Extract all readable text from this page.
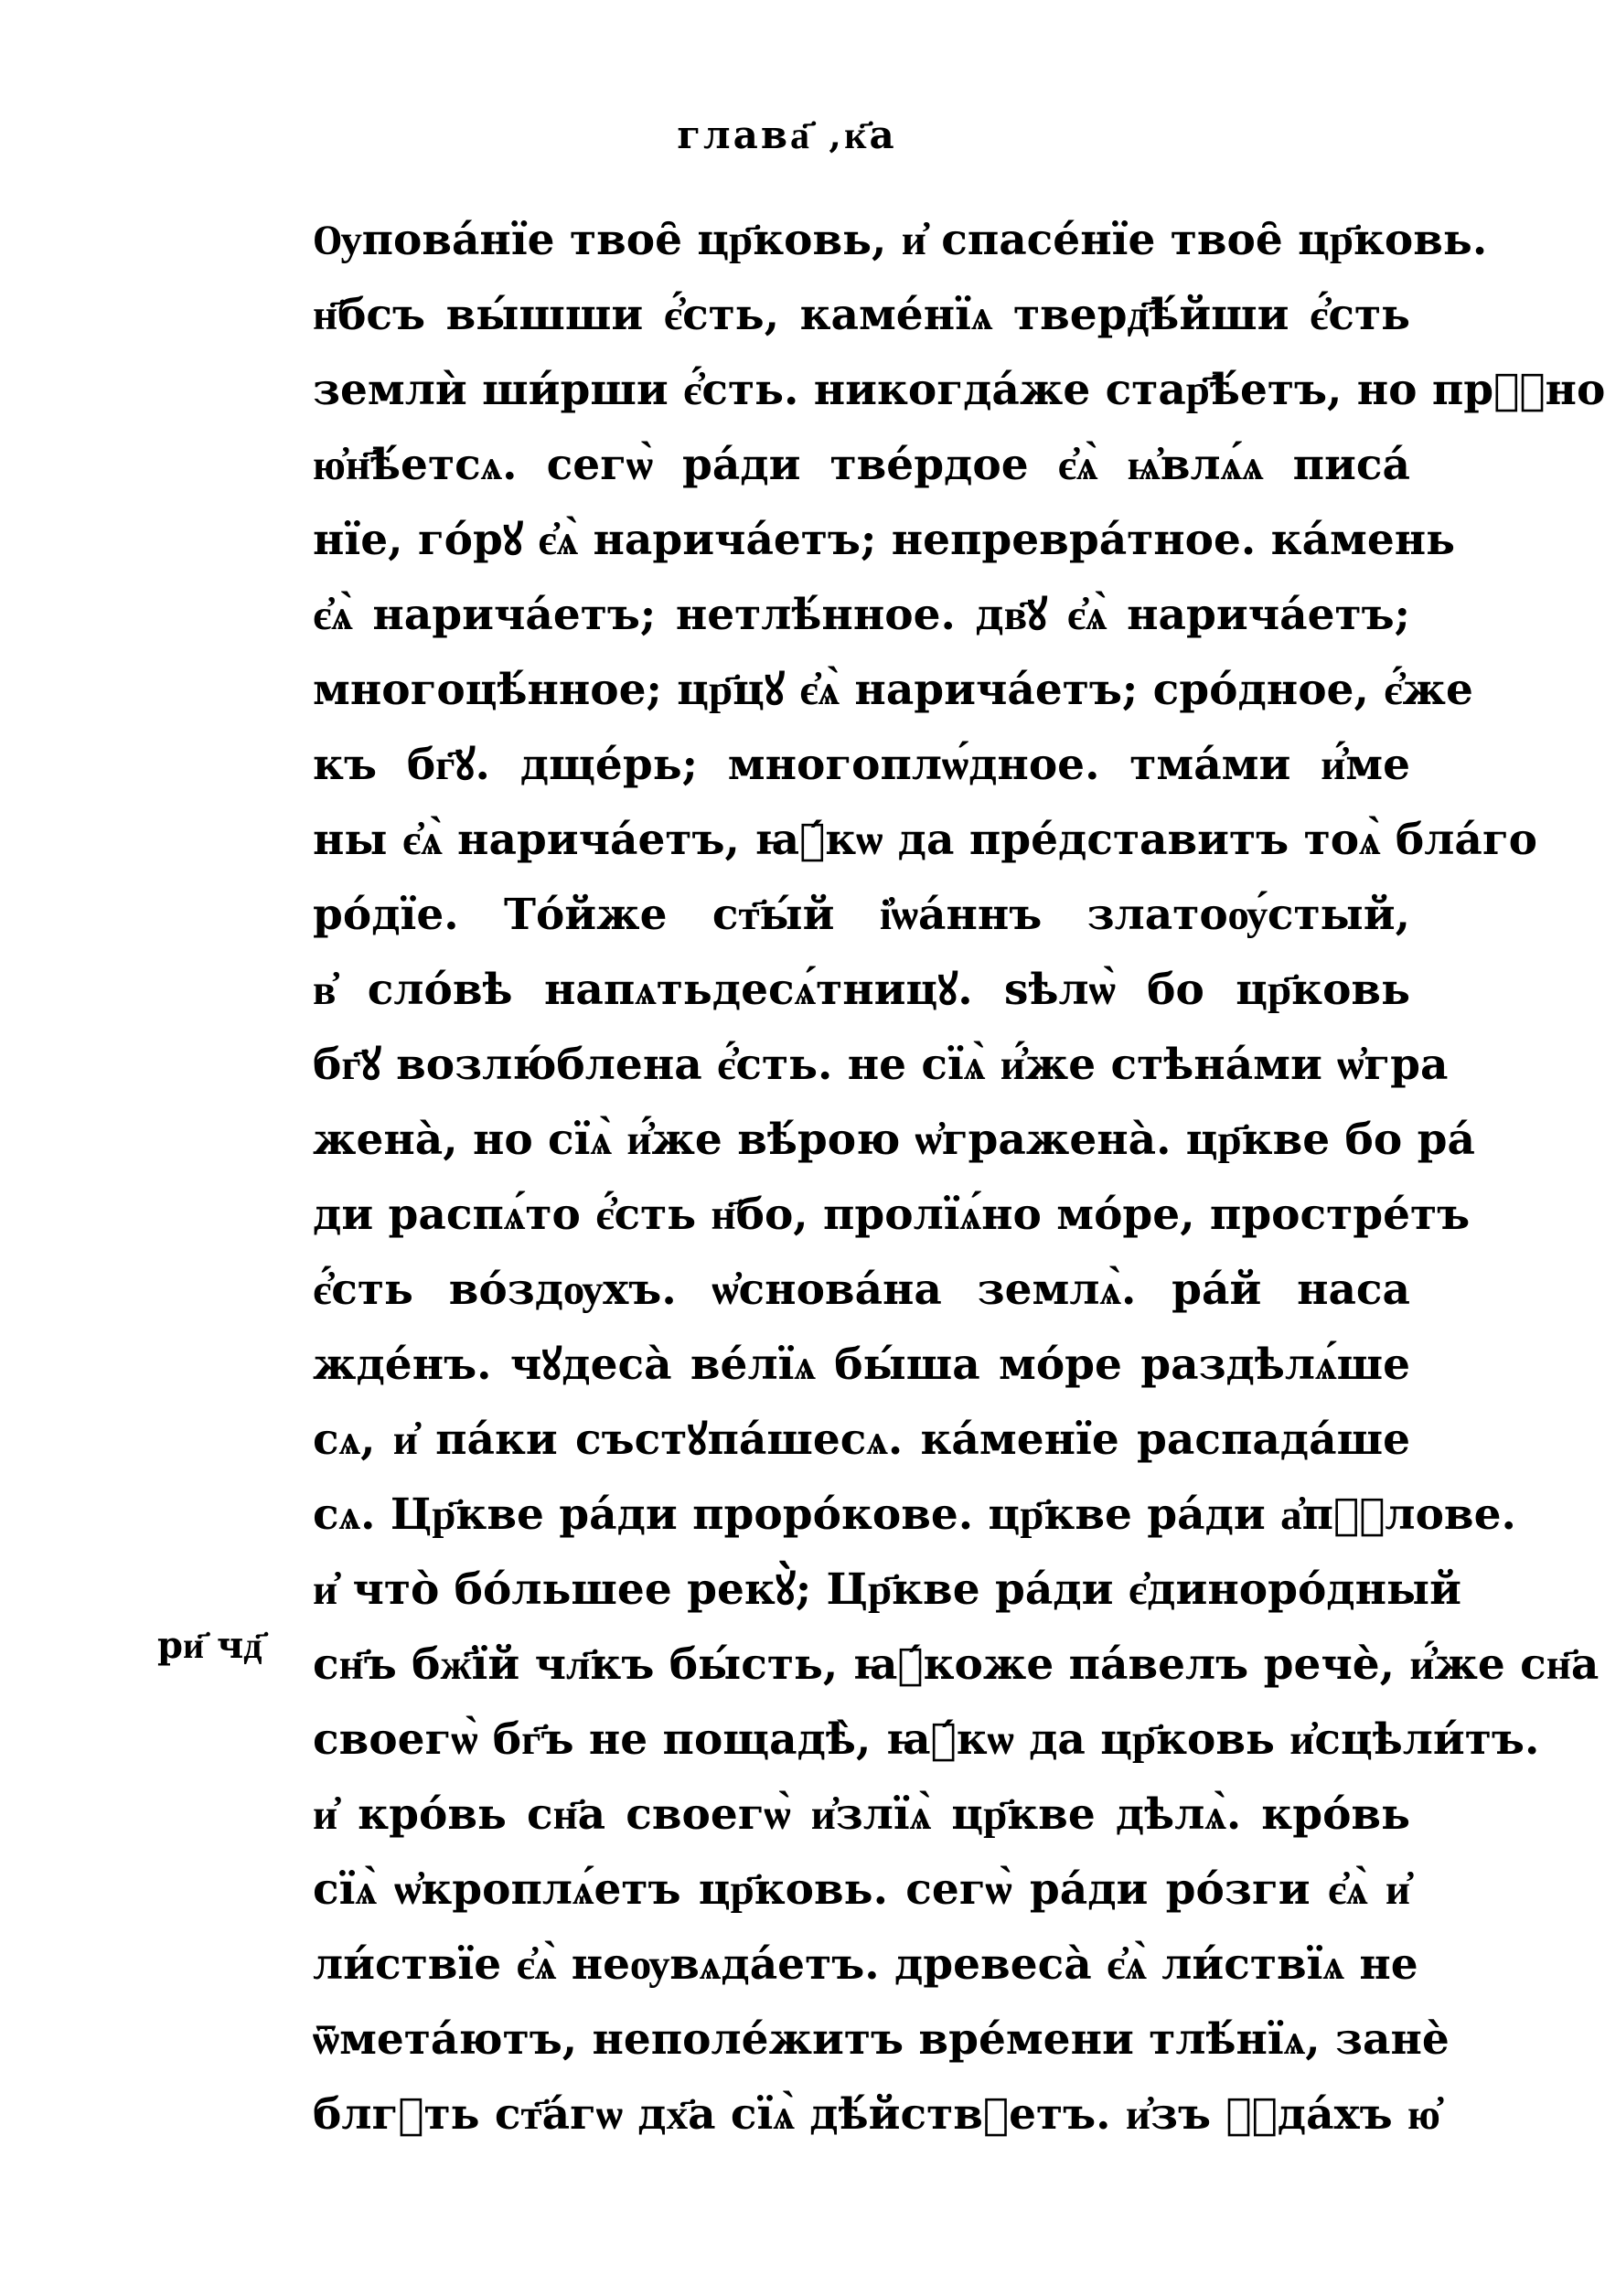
глава҃ ‚к҃а
ри҃ чд҃
Ѹпова́нїе твое̑ цр҃ковь, и҆ спасе́нїе твое̑ цр҃ковь.
н҃бсъ вы́шши є҆́сть, каме́нїѧ тверд҃ѣ́йши є҆́сть
землѝ ши́рши є҆́сть. никогда́же стар҃ѣ́етъ, но прⷭ҇но
ю҆н҃ѣ́етсѧ. сегѡ̀ ра́ди тве́рдое є҆ѧ̀ ѩ҆влѧ́ѧ писа́
нїе, го́рꙋ є҆ѧ̀ нарича́етъ; непревра́тное. ка́мень
є҆ѧ̀ нарича́етъ; нетлѣ́нное. дв҃ꙋ є҆ѧ̀ нарича́етъ;
многоцѣ́нное; цр҃цꙋ є҆ѧ̀ нарича́етъ; сро́дное, є҆́же
къ бг҃ꙋ. дще́рь; многоплѡ́дное. тма́ми и҆́ме
ны є҆ѧ̀ нарича́етъ, ꙗ҆́кѡ да пре́дставитъ тоѧ̀ бла́го
ро́дїе. То́йже ст҃ы́й і҆ѡа́ннъ златоѹ́стый,
в҆ сло́вѣ напѧтьдесѧ́тницꙋ. ѕѣлѡ̀ бо цр҃ковь
бг҃ꙋ возлю́блена є҆́сть. не сїѧ̀ и҆́же стѣна́ми ѡ҆гра
жена̀, но сїѧ̀ и҆́же вѣ́рою ѡ҆гражена̀. цр҃кве бо ра́
ди распѧ́то є҆́сть н҃бо, пролїѧ́но мо́ре, простре́тъ
є҆́сть во́здѹхъ. ѡ҆снова́на землѧ̀. ра́й наса
жде́нъ. чꙋдеса̀ ве́лїѧ бы́ша мо́ре раздѣлѧ́ше
сѧ, и҆ па́ки състꙋпа́шесѧ. ка́менїе распада́ше
сѧ. Цр҃кве ра́ди проро́кове. цр҃кве ра́ди а҆пⷭ҇лове.
и҆ что̀ бо́льшее рекꙋ̀; Цр҃кве ра́ди є҆диноро́дный
сн҃ъ бж҃їй чл҃къ бы́сть, ꙗ҆́коже па́велъ речѐ, и҆́же сн҃а
своегѡ̀ бг҃ъ не пощадѣ̀, ꙗ҆́кѡ да цр҃ковь и҆сцѣли́тъ.
и҆ кро́вь сн҃а своегѡ̀ и҆злїѧ̀ цр҃кве дѣлѧ̀. кро́вь
сїѧ̀ ѡ҆кроплѧ́етъ цр҃ковь. сегѡ̀ ра́ди ро́зги є҆ѧ̀ и҆
ли́ствїе є҆ѧ̀ неѹвѧда́етъ. древеса̀ є҆ѧ̀ ли́ствїѧ не
ѿмета́ютъ, неполе́житъ вре́мени тлѣ́нїѧ, занѐ
блгⷣть ст҃а́гѡ дх҃а сїѧ̀ дѣ́йствꙋетъ. и҆зъ ꙍ҆да́хъ ю҆
